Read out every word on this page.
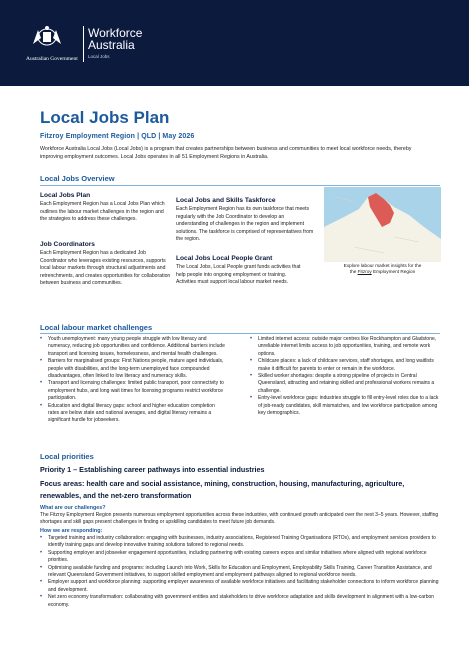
Australian Government
Workforce
Australia
Local Jobs
Local Jobs Plan
Fitzroy Employment Region | QLD | May 2026

Workforce Australia Local Jobs (Local Jobs) is a program that creates partnerships between business and communities to meet local workforce needs, thereby improving employment outcomes. Local Jobs operates in all 51 Employment Regions in Australia.

Local Jobs Overview
Local Jobs Plan

Each Employment Region has a Local Jobs Plan which outlines the labour market challenges in the region and the strategies to address these challenges.

Job Coordinators

Each Employment Region has a dedicated Job Coordinator who leverages existing resources, supports local labour markets through structural adjustments and retrenchments, and creates opportunities for collaboration between business and communities.

Local Jobs and Skills Taskforce

Each Employment Region has its own taskforce that meets regularly with the Job Coordinator to develop an understanding of challenges in the region and implement solutions. The taskforce is comprised of representatives from the region.

Local Jobs Local People Grant

The Local Jobs, Local People grant funds activities that help people into ongoing employment or training. Activities must support local labour market needs.

Explore labour market insights for the
the Fitzroy Employment Region
Local labour market challenges
• Youth unemployment: many young people struggle with low literacy and numeracy, reducing job opportunities and confidence. Additional barriers include transport and licensing issues, homelessness, and mental health challenges.
• Barriers for marginalised groups: First Nations people, mature aged individuals, people with disabilities, and the long-term unemployed face compounded disadvantages, often linked to low literacy and numeracy skills.
• Transport and licensing challenges: limited public transport, poor connectivity to employment hubs, and long wait times for licensing programs restrict workforce participation.
• Education and digital literacy gaps: school and higher education completion rates are below state and national averages, and digital literacy remains a significant hurdle for jobseekers.
• Limited internet access: outside major centres like Rockhampton and Gladstone, unreliable internet limits access to job opportunities, training, and remote work options.
• Childcare places: a lack of childcare services, staff shortages, and long waitlists make it difficult for parents to enter or remain in the workforce.
• Skilled worker shortages: despite a strong pipeline of projects in Central Queensland, attracting and retaining skilled and professional workers remains a challenge.
• Entry-level workforce gaps: industries struggle to fill entry-level roles due to a lack of job-ready candidates, skill mismatches, and low workforce participation among key demographics.
Local priorities
Priority 1 – Establishing career pathways into essential industries

Focus areas: health care and social assistance, mining, construction, housing, manufacturing, agriculture, renewables, and the net-zero transformation

What are our challenges?

The Fitzroy Employment Region presents numerous employment opportunities across these industries, with continued growth anticipated over the next 3–5 years. However, staffing shortages and skill gaps present challenges in finding or upskilling candidates to meet future job demands.

How we are responding:
• Targeted training and industry collaboration: engaging with businesses, industry associations, Registered Training Organisations (RTOs), and employment services providers to identify training gaps and develop innovative training solutions tailored to regional needs.
• Supporting employer and jobseeker engagement opportunities, including partnering with existing careers expos and similar initiatives where aligned with regional workforce priorities.
• Optimising available funding and programs: including Launch into Work, Skills for Education and Employment, Employability Skills Training, Career Transition Assistance, and relevant Queensland Government initiatives, to support skilled employment and employment pathways aligned to regional workforce needs.
• Employer support and workforce planning: supporting employer awareness of available workforce initiatives and facilitating stakeholder connections to inform workforce planning and development.
• Net zero economy transformation: collaborating with government entities and stakeholders to drive workforce adaptation and skills development in alignment with a low-carbon economy.
